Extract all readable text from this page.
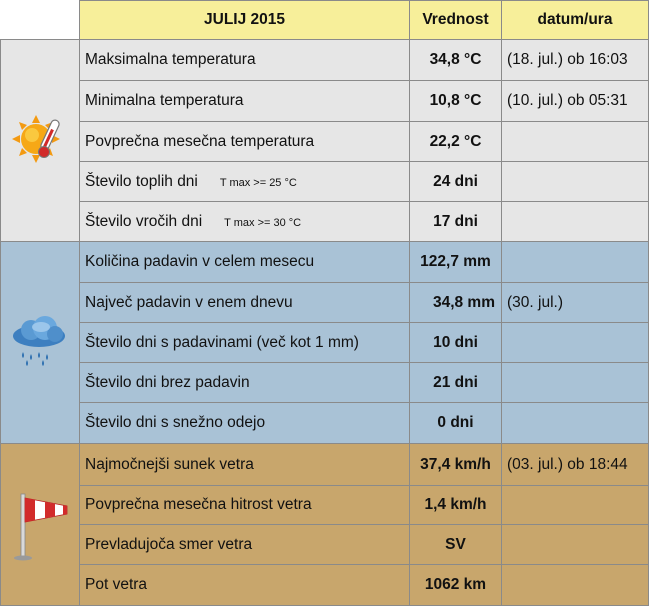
	JULIJ 2015	Vrednost	datum/ura

	Maksimalna temperatura	34,8 °C	(18. jul.) ob 16:03
	Minimalna temperatura	10,8 °C	(10. jul.) ob 05:31
	Povprečna mesečna temperatura	22,2 °C	
	Število toplih dni T max >= 25 °C	24 dni	
	Število vročih dni T max >= 30 °C	17 dni	

	Količina padavin v celem mesecu	122,7 mm	
	Največ padavin v enem dnevu	34,8 mm	(30. jul.)
	Število dni s padavinami (več kot 1 mm)	10 dni	
	Število dni brez padavin	21 dni	
	Število dni s snežno odejo	0 dni	

	Najmočnejši sunek vetra	37,4 km/h	(03. jul.) ob 18:44
	Povprečna mesečna hitrost vetra	1,4 km/h	
	Prevladujoča smer vetra	SV	
	Pot vetra	1062 km	
